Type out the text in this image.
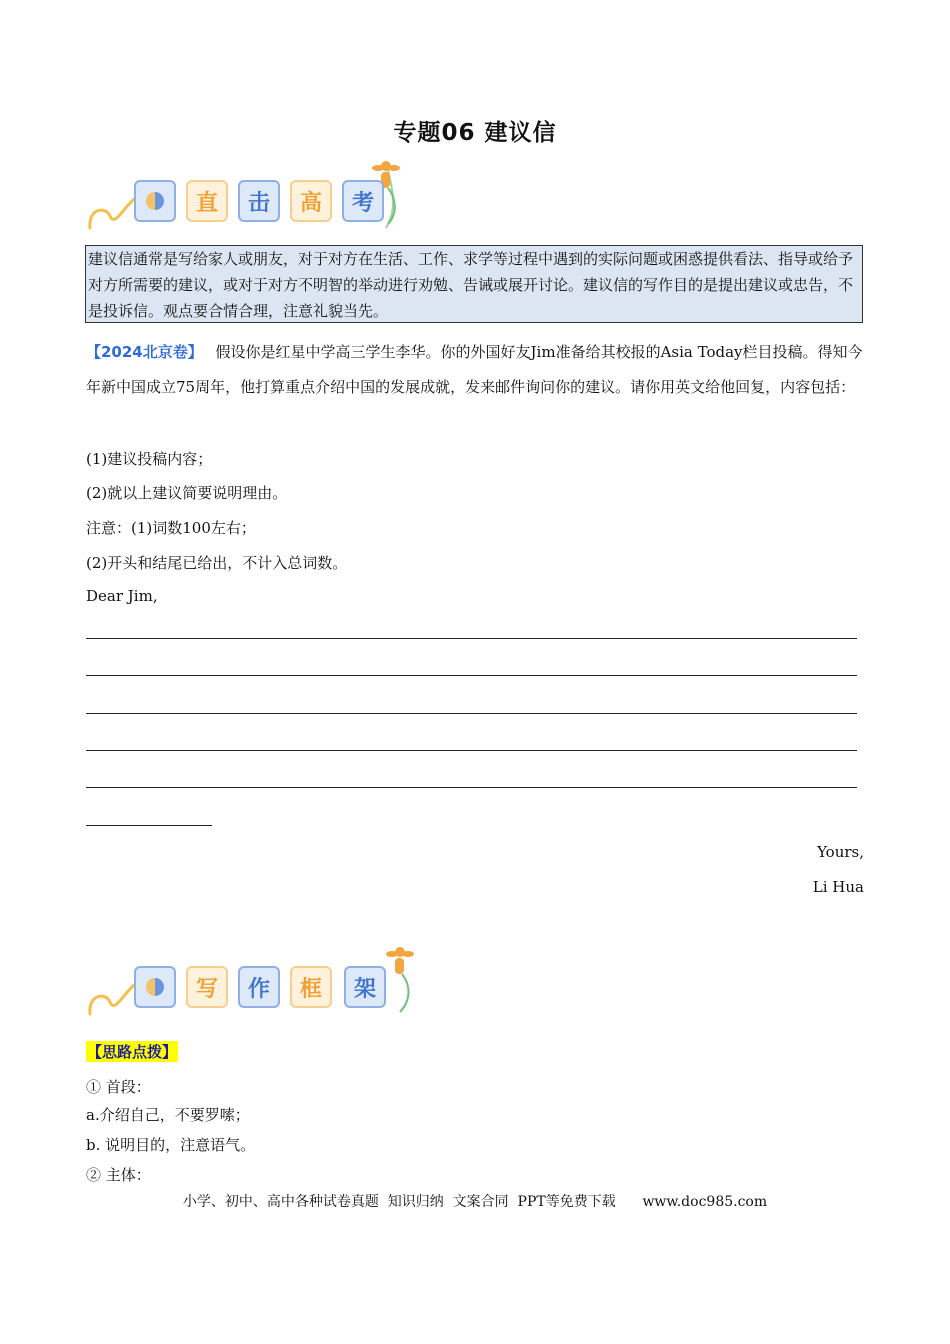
专题06 建议信
直	击	高	考
建议信通常是写给家人或朋友，对于对方在生活、工作、求学等过程中遇到的实际问题或困惑提供看法、指导或给予对方所需要的建议，或对于对方不明智的举动进行劝勉、告诫或展开讨论。建议信的写作目的是提出建议或忠告，不是投诉信。观点要合情合理，注意礼貌当先。
【2024北京卷】 假设你是红星中学高三学生李华。你的外国好友Jim准备给其校报的Asia Today栏目投稿。得知今年新中国成立75周年，他打算重点介绍中国的发展成就，发来邮件询问你的建议。请你用英文给他回复，内容包括：
(1)建议投稿内容；
(2)就以上建议简要说明理由。
注意：(1)词数100左右；
(2)开头和结尾已给出，不计入总词数。
Dear Jim,
Yours,
Li Hua
写	作	框	架
【思路点拨】
① 首段：
a.介绍自己，不要罗嗦；
b. 说明目的，注意语气。
② 主体：
小学、初中、高中各种试卷真题  知识归纳  文案合同  PPT等免费下载      www.doc985.com
